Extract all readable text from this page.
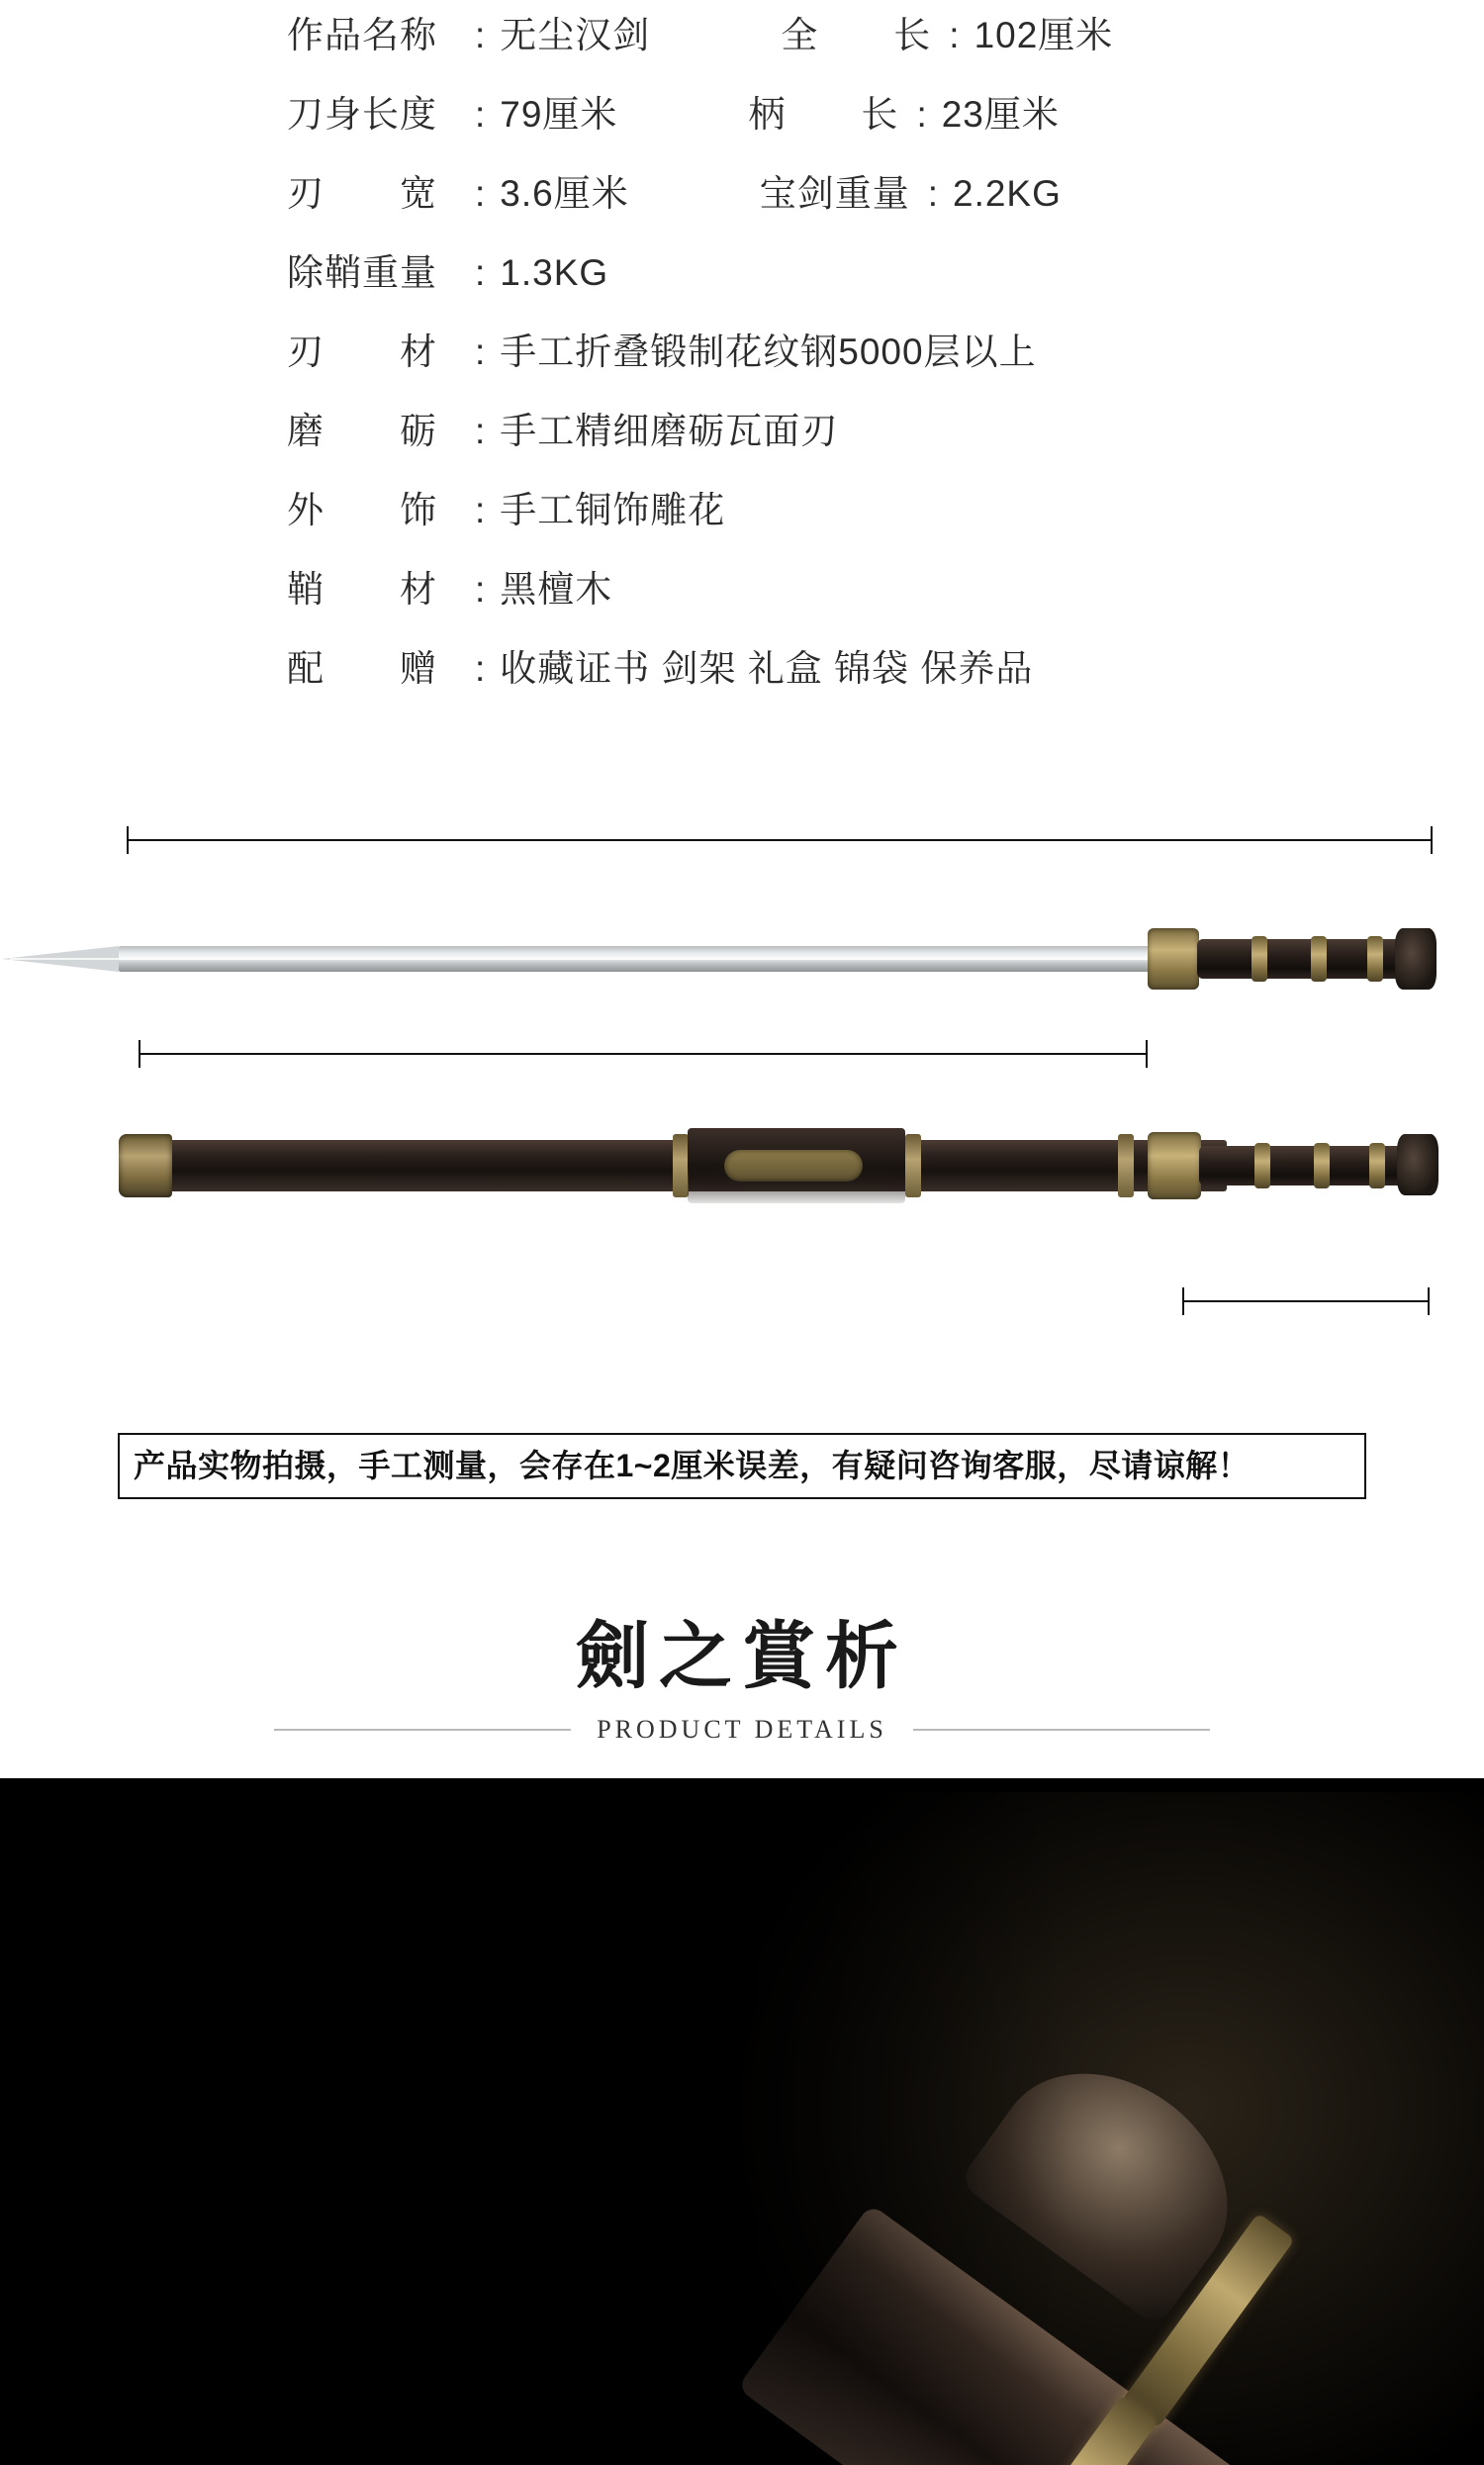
作品名称	: 无尘汉剑	全　　长 : 102厘米
刀身长度	: 79厘米	柄　　长 : 23厘米
刃　　宽	: 3.6厘米	宝剑重量 : 2.2KG
除鞘重量	: 1.3KG
刃　　材	: 手工折叠锻制花纹钢5000层以上
磨　　砺	: 手工精细磨砺瓦面刃
外　　饰	: 手工铜饰雕花
鞘　　材	: 黑檀木
配　　赠	: 收藏证书 剑架 礼盒 锦袋 保养品
产品实物拍摄，手工测量，会存在1~2厘米误差，有疑问咨询客服，尽请谅解！
劍之賞析
PRODUCT DETAILS
